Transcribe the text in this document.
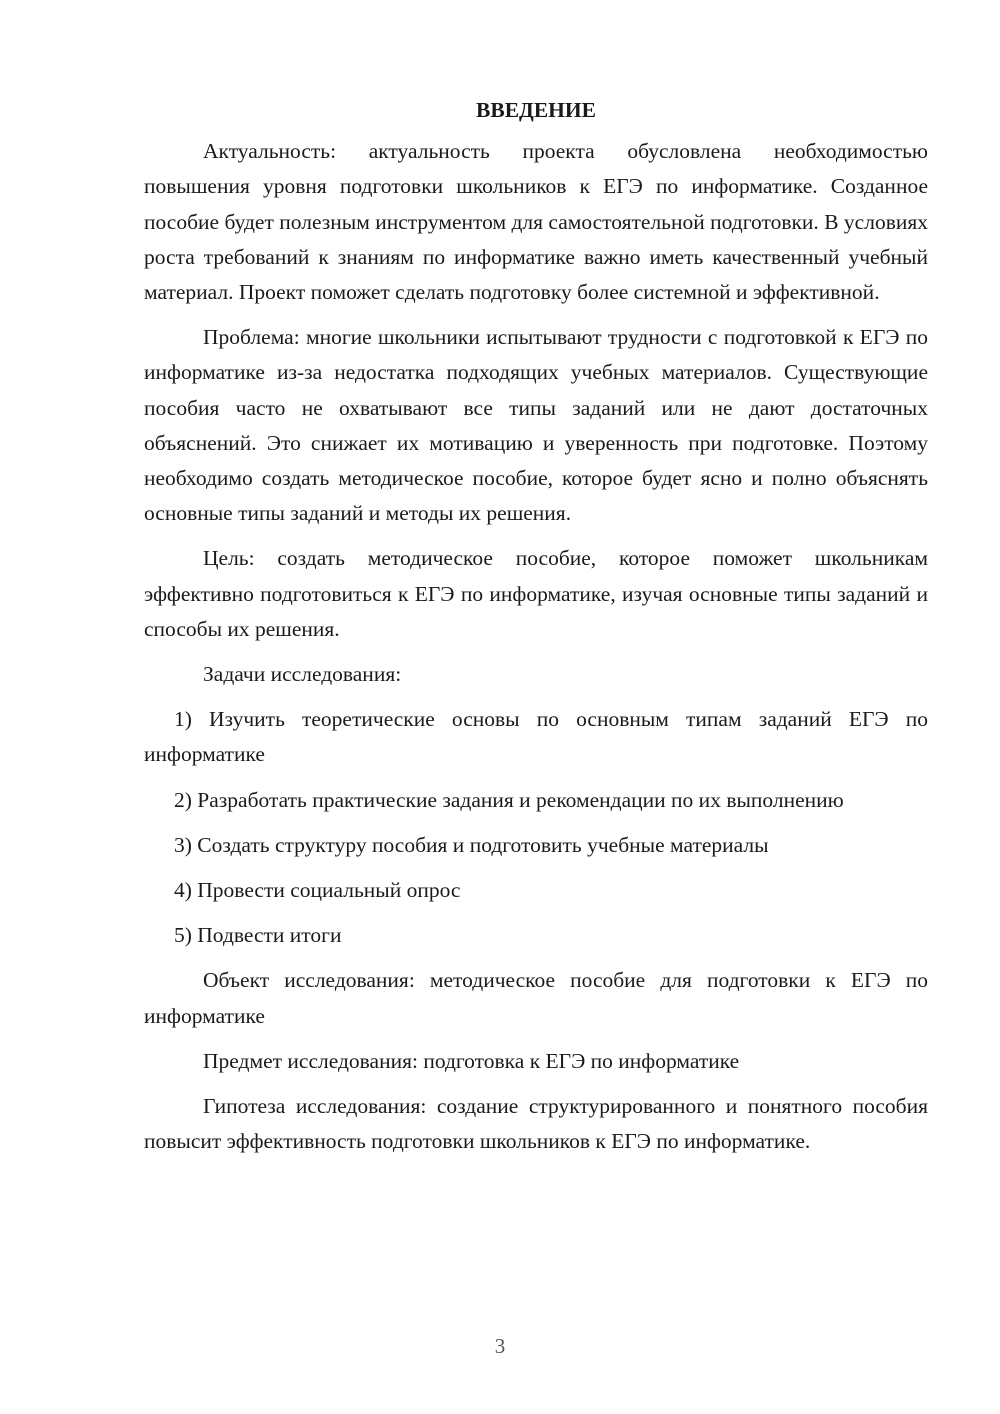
ВВЕДЕНИЕ

Актуальность: актуальность проекта обусловлена необходимостью повышения уровня подготовки школьников к ЕГЭ по информатике. Созданное пособие будет полезным инструментом для самостоятельной подготовки. В условиях роста требований к знаниям по информатике важно иметь качественный учебный материал. Проект поможет сделать подготовку более системной и эффективной.

Проблема: многие школьники испытывают трудности с подготовкой к ЕГЭ по информатике из-за недостатка подходящих учебных материалов. Существующие пособия часто не охватывают все типы заданий или не дают достаточных объяснений. Это снижает их мотивацию и уверенность при подготовке. Поэтому необходимо создать методическое пособие, которое будет ясно и полно объяснять основные типы заданий и методы их решения.

Цель: создать методическое пособие, которое поможет школьникам эффективно подготовиться к ЕГЭ по информатике, изучая основные типы заданий и способы их решения.

Задачи исследования:

1) Изучить теоретические основы по основным типам заданий ЕГЭ по информатике

2) Разработать практические задания и рекомендации по их выполнению

3) Создать структуру пособия и подготовить учебные материалы

4) Провести социальный опрос

5) Подвести итоги

Объект исследования: методическое пособие для подготовки к ЕГЭ по информатике

Предмет исследования: подготовка к ЕГЭ по информатике

Гипотеза исследования: создание структурированного и понятного пособия повысит эффективность подготовки школьников к ЕГЭ по информатике.

3
